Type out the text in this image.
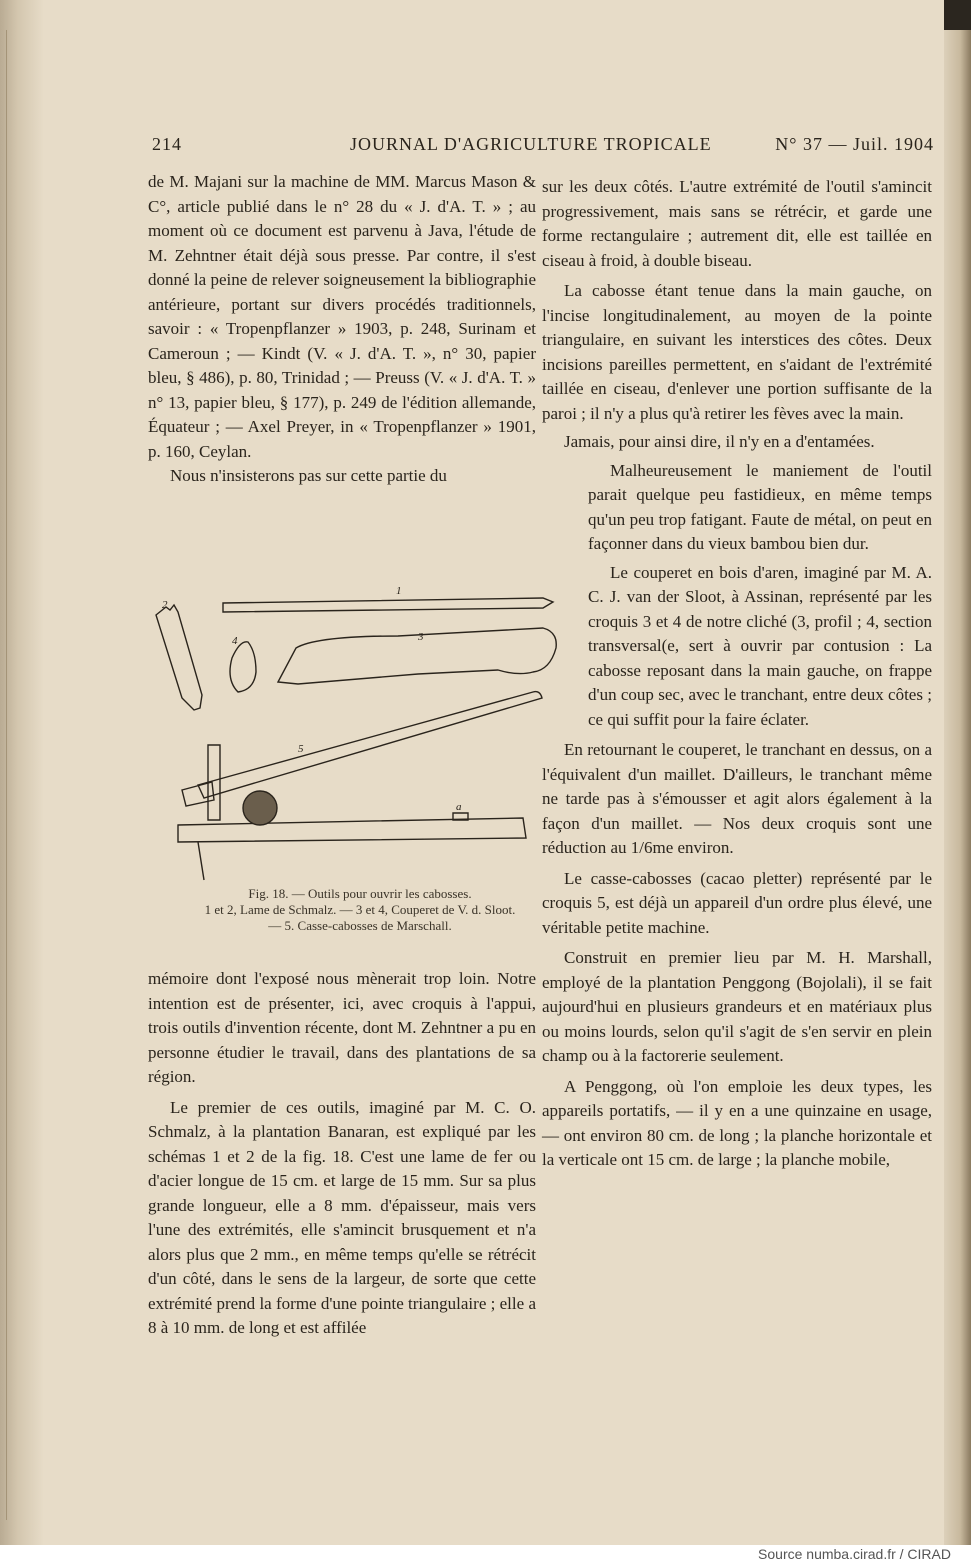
214	JOURNAL D'AGRICULTURE TROPICALE	N° 37 — Juil. 1904

de M. Majani sur la machine de MM. Marcus Mason & C°, article publié dans le n° 28 du « J. d'A. T. » ; au moment où ce document est parvenu à Java, l'étude de M. Zehntner était déjà sous presse. Par contre, il s'est donné la peine de relever soigneusement la bibliographie antérieure, portant sur divers procédés traditionnels, savoir : « Tropenpflanzer » 1903, p. 248, Surinam et Cameroun ; — Kindt (V. « J. d'A. T. », n° 30, papier bleu, § 486), p. 80, Trinidad ; — Preuss (V. « J. d'A. T. » n° 13, papier bleu, § 177), p. 249 de l'édition allemande, Équateur ; — Axel Preyer, in « Tropenpflanzer » 1901, p. 160, Ceylan.

Nous n'insisterons pas sur cette partie du

1
2
3
4
5
a
Fig. 18. — Outils pour ouvrir les cabosses.
1 et 2, Lame de Schmalz. — 3 et 4, Couperet de V. d. Sloot.
— 5. Casse-cabosses de Marschall.

mémoire dont l'exposé nous mènerait trop loin. Notre intention est de présenter, ici, avec croquis à l'appui, trois outils d'invention récente, dont M. Zehntner a pu en personne étudier le travail, dans des plantations de sa région.

Le premier de ces outils, imaginé par M. C. O. Schmalz, à la plantation Banaran, est expliqué par les schémas 1 et 2 de la fig. 18. C'est une lame de fer ou d'acier longue de 15 cm. et large de 15 mm. Sur sa plus grande longueur, elle a 8 mm. d'épaisseur, mais vers l'une des extrémités, elle s'amincit brusquement et n'a alors plus que 2 mm., en même temps qu'elle se rétrécit d'un côté, dans le sens de la largeur, de sorte que cette extrémité prend la forme d'une pointe triangulaire ; elle a 8 à 10 mm. de long et est affilée

sur les deux côtés. L'autre extrémité de l'outil s'amincit progressivement, mais sans se rétrécir, et garde une forme rectangulaire ; autrement dit, elle est taillée en ciseau à froid, à double biseau.

La cabosse étant tenue dans la main gauche, on l'incise longitudinalement, au moyen de la pointe triangulaire, en suivant les interstices des côtes. Deux incisions pareilles permettent, en s'aidant de l'extrémité taillée en ciseau, d'enlever une portion suffisante de la paroi ; il n'y a plus qu'à retirer les fèves avec la main.

Jamais, pour ainsi dire, il n'y en a d'entamées.

Malheureusement le maniement de l'outil parait quelque peu fastidieux, en même temps qu'un peu trop fatigant. Faute de métal, on peut en façonner dans du vieux bambou bien dur.

Le couperet en bois d'aren, imaginé par M. A. C. J. van der Sloot, à Assinan, représenté par les croquis 3 et 4 de notre cliché (3, profil ; 4, section transversal(e, sert à ouvrir par contusion : La cabosse reposant dans la main gauche, on frappe d'un coup sec, avec le tranchant, entre deux côtes ; ce qui suffit pour la faire éclater.

En retournant le couperet, le tranchant en dessus, on a l'équivalent d'un maillet. D'ailleurs, le tranchant même ne tarde pas à s'émousser et agit alors également à la façon d'un maillet. — Nos deux croquis sont une réduction au 1/6me environ.

Le casse-cabosses (cacao pletter) représenté par le croquis 5, est déjà un appareil d'un ordre plus élevé, une véritable petite machine.

Construit en premier lieu par M. H. Marshall, employé de la plantation Penggong (Bojolali), il se fait aujourd'hui en plusieurs grandeurs et en matériaux plus ou moins lourds, selon qu'il s'agit de s'en servir en plein champ ou à la factorerie seulement.

A Penggong, où l'on emploie les deux types, les appareils portatifs, — il y en a une quinzaine en usage, — ont environ 80 cm. de long ; la planche horizontale et la verticale ont 15 cm. de large ; la planche mobile,

Source numba.cirad.fr / CIRAD
